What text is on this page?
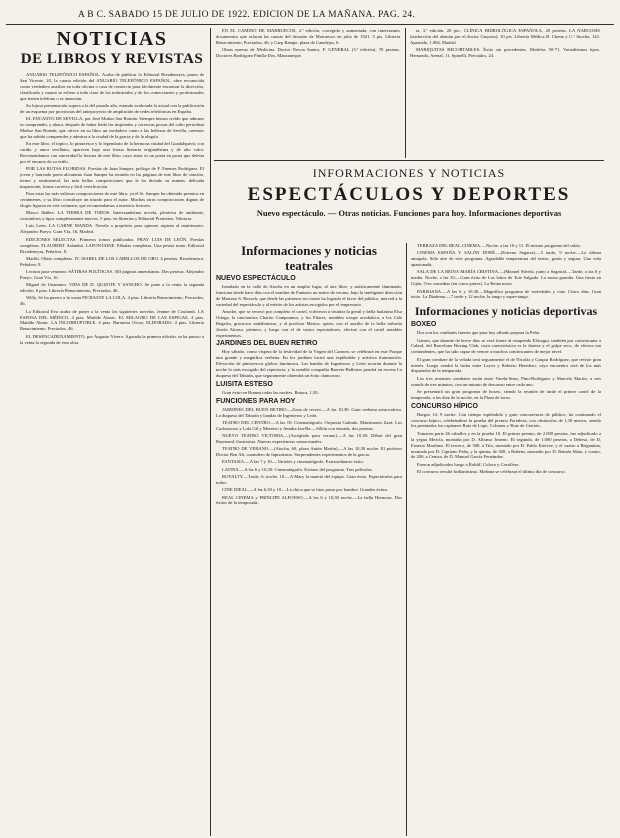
A B C. SABADO 15 DE JULIO DE 1922. EDICION DE LA MAÑANA. PAG. 24.
NOTICIAS
DE LIBROS Y REVISTAS

ANUARIO TELEFÓNICO ESPAÑOL. Acaba de publicar la Editorial Rivadeneyra, paseo de San Vicente, 20, la cuarta edición del ANUARIO TELEFÓNICO ESPAÑOL, obra reconocida como verdadero auxiliar en toda oficina o casa de comercio para fácilmente encontrar la dirección, clasificado y cuanto se refiere a toda clase de los industriales y de los comerciantes y profesionales que tienen teléfono o se anuncian.

Su lujosa presentación supera a la del pasado año, estando avalorada la actual con la publicación de un esquema por provincias del anteproyecto de ampliación de redes telefónicas en España.

EL ENCANTO DE SEVILLA, por José Muñoz San Román. Siempre hemos creído que admirar es comprender, y ahora, después de haber leído las inspiradas y correctas prosas del culto periodista Muñoz San Román, que ofrece en su libro un verdadero canto a las bellezas de Sevilla, creemos que ha sabido comprender y admirar a la ciudad de la gracia y de la alegría.

En este libro, el tópico, lo pintoresco y lo legendario de la hermosa ciudad del Guadalquivir, con cariño y amor sevillano, aparecen bajo una forma literaria originalísima y de alto valor. Recomendamos con sinceridad la lectura de este libro, cuyo autor es un poeta en prosa que deleita por el encanto de su estilo.

POR LAS RUTAS FLORIDAS. Poesías de Juan Samper, prólogo de F. Fuentes Rodríguez. El joven y laureado poeta alicantino Juan Samper ha reunido en las páginas de este libro de canción, tierno y sentimental, las más bellas composiciones que le ha dictado su numen: delicada inspiración, forma correcta y fácil versificación.

Para estar las más valiosas composiciones de este libro, ya el Sr. Samper ha obtenido premios en certámenes, y su libro constituye un triunfo para el autor. Muchas otras composiciones dignas de elogio figuran en este volumen, que recomendamos a nuestros lectores.

Blasco Ibáñez: LA TIERRA DE TODOS. Interesantísima novela, pletórica de ambiente, costumbres y tipos completamente nuevos. 5 ptas. en librerías y Editorial Prometeo, Valencia.

Luis León. LA CARNE MANDA. Novela a propósito para quienes aspiran al matrimonio. Alejandro Pueyo. Gran Vía, 16, Madrid.

EDICIONES SELECTAS. Primeros tomos publicados: FRAY LUIS DE LEÓN. Poesías completas. FLAUBERT. Salambó. LAFONTAINE. Fábulas completas. Una peseta tomo. Editorial Rivadeneyra, Peñalver, 8.

Marlitt. Obras completas. IV. ISABEL DE LOS CABELLOS DE ORO. 4 pesetas. Rivadeneyra, Peñalver, 8.

Lectura para veranear. SÁTIRAS POLÍTICAS. 303 páginas amenísimas. Dos pesetas. Alejandro Pueyo. Gran Vía, 16.

Miguel de Unamuno. VIDA DE D. QUIJOTE Y SANCHO. Se pone a la venta la segunda edición. 6 ptas. Librería Renacimiento, Preciados, 46.

Willy. Se ha puesto a la venta PICHASTE LA COLA. 4 ptas. Librería Renacimiento, Preciados, 46.

La Editorial Eva acaba de poner a la venta las siguientes novelas: Jeanne de Coulomb. LA ESPOSA DEL MÉDICO, 4 ptas. Matilde Alanic. EL MILAGRO DE LAS ESPIGAS, 4 ptas. Matilde Alanic. LA INCORRUPTIBLE. 4 ptas. Baronesa Orczy. ELDORADO. 4 ptas. Librería Renacimiento. Preciados, 46.

EL DESENCADENAMIENTO, por Augusto Vivero. Agotada la primera edición, se ha puesto a la venta la segunda de esta obra.

EN EL CAMINO DE MARRUECOS, 2.ª edición, corregida y aumentada, con interesantes documentos que aclaran las causas del desastre de Marruecos en julio de 1921. 5 pts. Librería Renacimiento, Preciados, 46, y Carp Rampe, plaza de Canalejas, 6.

Obras nuevas de Medicina. Doctor Novoa Santos, F. GENERAL (3.ª edición), 70 pesetas. Doctores Rodríguez Pinilla-Dos, Manzaneque.

ta, 3.ª edición, 20 pts.; CLÍNICA HIDROLÓGICA ESPAÑOLA, 20 pesetas. LA NARCOSIS (traducción del alemán por el doctor Guyatos), 10 pts. Librería Médica R. Chena y C.ª Atocha, 143. Apartado, 1.004, Madrid.

MARIQUITAS RECORTABLES. Éxito sin precedentes. Modelos 50-71. Variadísimos tipos. Hernando, Arenal, 11. Spinelli, Preciados, 24.

INFORMACIONES Y NOTICIAS
ESPECTÁCULOS Y DEPORTES
Nuevo espectáculo. — Otras noticias. Funciones para hoy. Informaciones deportivas
Informaciones y noticias teatrales
NUEVO ESPECTÁCULO

Instalado en la calle de Atocha en un amplio lugar, al aire libre, y artísticamente iluminado, funciona desde hace días con el nombre de Fantasio un teatro de verano, bajo la inteligente dirección de Mariano S. Rexach, que desde las primeras secciones ha logrado el favor del público, merced a la variedad del espectáculo y al mérito de los artistas escogidos por el empresario.

Anoche, que se renovó por completo el cartel, volvieron a triunfar la gentil y bella bailarina Elsa Ortega, la cancionista Charito Campoamor, y los Pilares, notables troupe acrobática; a los Cale Regalos, graciosos malabaristas, y al profesor Marius, quien, con el auxilio de la bella señorita Josefa Alonso, primero, y luego con el de varios espectadores, efectuó con el cartel notables experimentos.

JARDINES DEL BUEN RETIRO

Hoy sábado, como víspera de la festividad de la Virgen del Carmen, se celebrará en este Parque una grande y magnífica verbena. En los jardines lucirá una espléndida y artística iluminación. Elevación de pintorescos globos luminosos. Las bandas de Ingenieros y León tocarán durante la noche lo más escogido del repertorio, y la notable compañía Barreto-Ballester pondrá en escena La duquesa del Tabarín, que seguramente obtendrá un éxito clamoroso.

LUISITA ESTESO

Gran éxito en Romea todas las noches. Butaca, 1,50.

FUNCIONES PARA HOY

JARDINES DEL BUEN RETIRO.—Zona de recreo.—A las 10,30: Gran verbena aristocrática. La duquesa del Tabarín y bandas de Ingenieros y León.

TEATRO DEL CENTRO.—A las 10: Cinematógrafo. Orquesta Galindo. Matrimonio Zazá. Los Cacharreros y Lola Gil y Montero y Amalia Jan-Ba.—Sillón con entrada, dos pesetas.

NUEVO TEATRO VICTORIA.—(Arreglado para verano).—A las 10,30: Début del gran Raymond, ilusionista. Nuevas experiencias sensacionales.

TEATRO DE VERANO.—(Atocha, 60, plaza Antón Martín).—A las 10,30 noche: El profesor Doctor Ben Alí, curandero de hipnotismo. Sorprendentes experimentos de la gracia.

FANTASIA.—A las 7 y 10.—Varietés y cinematógrafo. Extraordinario éxito.

LATINA.—A las 6 y 10,30: Cinematógrafo. Exitazo del programa. Tres películas.

ROYALTY.—Tarde, 6; noche, 10.—A Mary la muerta del equipo. Gran éxito. Espectáculos para todos.

CINE IDEAL.—A las 6,30 y 10.—La chica que se hizo pasar por hombre. Grandes éxitos.

REAL CINEMA y PRINCIPE ALFONSO.—A las 6 y 10,30 noche.—La bella Hermosa. Dos éxitos de la temporada.

TERRAZA DEL REAL CINEMA.—Noche, a las 10 y 11: El mismo programa del salón.

CINEMA ESPAÑA Y SALÓN DORÉ.—(Estreno Segarra).—5 tarde, 9 noche.—La última amapola. Sólo aire de este programa. Agradable temperatura del teatro, gratis y segura. Una vida apasionada.

SALA DE LA REINA MARÍA CRISTINA.—(Manuel Silvela, junto a Sagasta).—Tarde, a las 6 y media. Noche, a las 10.—Gran éxito de Los lobos de Tote Salgado. La mona guardia. Una fiesta en Gijón. Tres comedias (en cinco partes). La Reina mora.

PARISIANA.—A las 6 y 10,30.—Magnífico programa de variedades y cine. Cinco días. Gran éxito. La Diadema.—7 tarde y 12 noche, la tango y super-tango.

Informaciones y noticias deportivas
BOXEO

Dos son los combates fuertes que para hoy sábado prepara la Peña.

Games, que durante de breve días se verá frente al estupendo Elósegui, también por contrincante a Cabral, del Barcelona Boxing Club, cuya característica es la dureza y el golpe seco, de efectos tan contundentes, que ha sido capaz de vencer a muchos contrincantes de mejor nivel.

El gran combate de la velada será seguramente el de Nicolás y Gaspar Rodríguez, que reviste gran interés. Luego vendrá la lucha entre Leyva y Roberto Heredero, cuyo encuentro será de los más disputados de la temporada.

Los tres restantes combates serán entre Varela-Sims, Pino-Rodríguez y Marcelo Martín, a seis rounds de tres minutos, con un minuto de descanso entre cada uno.

Se presentará un gran programa de boxeo, siendo la reunión de tarde el primer cartel de la temporada, a las diez de la noche, en la Plaza de toros.

CONCURSO HÍPICO

Burgos 14, 9 noche. Con tiempo espléndido y gran concurrencia de público, ha continuado el concurso hípico, celebrándose la prueba del premio Fortaleza, con obstáculos de 1,30 metros, siendo los premiados los capitanes Ruiz de Lope, Colomer y Ruiz de Carrión.

Tomaron parte 26 caballos y en la prueba 10. El primer premio, de 2.000 pesetas, fue adjudicado a la yegua Mezcla, montada por D. Alfonso Jimeno. El segundo, de 1.000 pesetas, a Dehesa, de D. Ernesto Martínez. El tercero, de 500, a Tito, montado por D. Pablo Estévez, y el cuarto a Brigantina, montada por D. Cipriano Peña, y la quinta, de 300, a Rubens, montado por D. Ramón Mata, y cuarto, de 200, a Ceniza, de D. Manuel García Fernández.

Fueron adjudicados luego a Robiff, Colaco y Cavallero.

El concurso resultó brillantísimo. Mañana se celebrará el último día de concurso.
